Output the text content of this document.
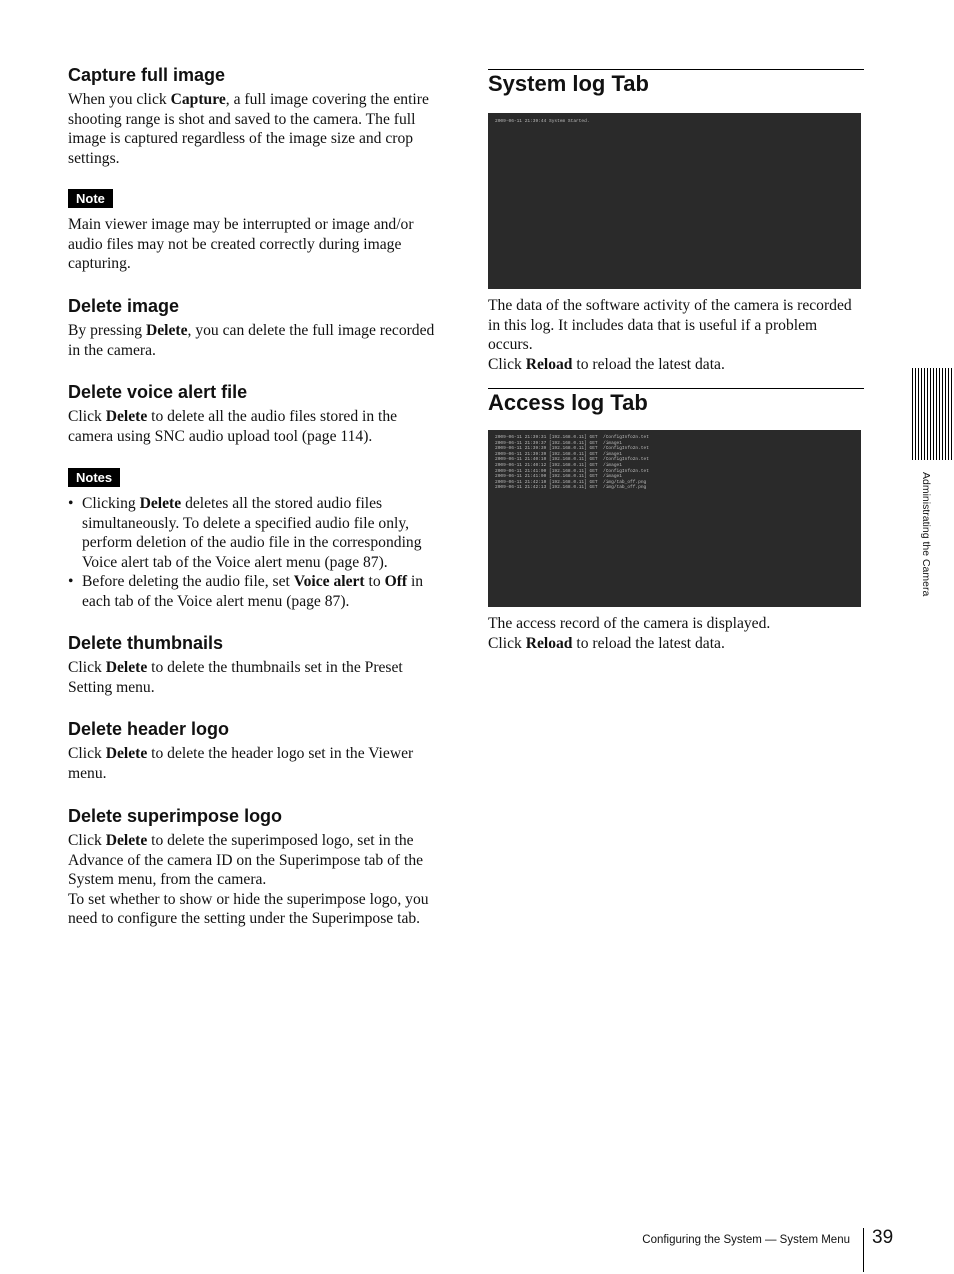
Capture full image

When you click Capture, a full image covering the entire shooting range is shot and saved to the camera. The full image is captured regardless of the image size and crop settings.

Note

Main viewer image may be interrupted or image and/or audio files may not be created correctly during image capturing.

Delete image

By pressing Delete, you can delete the full image recorded in the camera.

Delete voice alert file

Click Delete to delete all the audio files stored in the camera using SNC audio upload tool (page 114).

Notes
• Clicking Delete deletes all the stored audio files simultaneously. To delete a specified audio file only, perform deletion of the audio file in the corresponding Voice alert tab of the Voice alert menu (page 87).
• Before deleting the audio file, set Voice alert to Off in each tab of the Voice alert menu (page 87).
Delete thumbnails

Click Delete to delete the thumbnails set in the Preset Setting menu.

Delete header logo

Click Delete to delete the header logo set in the Viewer menu.

Delete superimpose logo

Click Delete to delete the superimposed logo, set in the Advance of the camera ID on the Superimpose tab of the System menu, from the camera.
To set whether to show or hide the superimpose logo, you need to configure the setting under the Superimpose tab.

System log Tab
2009-06-11 21:39:44 System Started.

The data of the software activity of the camera is recorded in this log. It includes data that is useful if a problem occurs.
Click Reload to reload the latest data.

Access log Tab
2009-06-11 21:39:31 [192.168.0.11] GET  /ConfigInfo2n.tet
2009-06-11 21:39:37 [192.168.0.11] GET  /image1
2009-06-11 21:39:39 [192.168.0.11] GET  /ConfigInfo2n.tet
2009-06-11 21:39:39 [192.168.0.11] GET  /image1
2009-06-11 21:40:10 [192.168.0.11] GET  /ConfigInfo2n.tet
2009-06-11 21:40:12 [192.168.0.11] GET  /image1
2009-06-11 21:41:00 [192.168.0.11] GET  /ConfigInfo2n.tet
2009-06-11 21:41:00 [192.168.0.11] GET  /image1
2009-06-11 21:42:10 [192.168.0.11] GET  /img/tab_off.png
2009-06-11 21:42:13 [192.168.0.11] GET  /img/tab_off.png

The access record of the camera is displayed.
Click Reload to reload the latest data.

Administrating the Camera
Configuring the System — System Menu 39
